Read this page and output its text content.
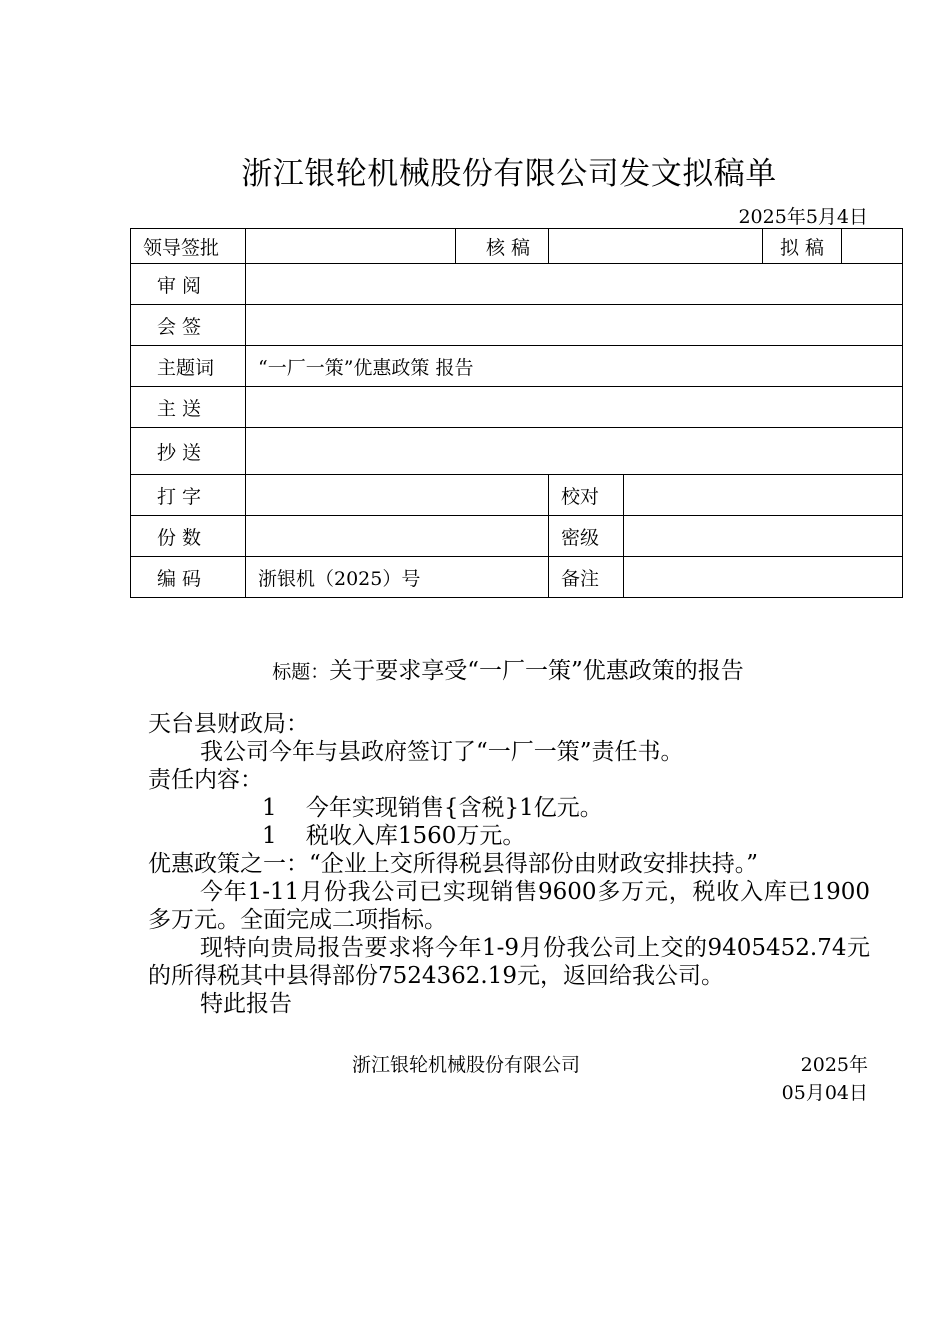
浙江银轮机械股份有限公司发文拟稿单
2025年5月4日
领导签批		核 稿			拟 稿

审 阅					
会 签					
主题词	“一厂一策”优惠政策 报告				
主 送					
抄 送					
打 字			校对		
份 数			密级		
编 码	浙银机（2025）号		备注		
标题：关于要求享受“一厂一策”优惠政策的报告

天台县财政局：

我公司今年与县政府签订了“一厂一策”责任书。

责任内容：

1    今年实现销售{含税}1亿元。

1    税收入库1560万元。

优惠政策之一：“企业上交所得税县得部份由财政安排扶持。”

今年1-11月份我公司已实现销售9600多万元，税收入库已1900多万元。全面完成二项指标。

现特向贵局报告要求将今年1-9月份我公司上交的9405452.74元的所得税其中县得部份7524362.19元，返回给我公司。

特此报告

浙江银轮机械股份有限公司	2025年
05月04日
